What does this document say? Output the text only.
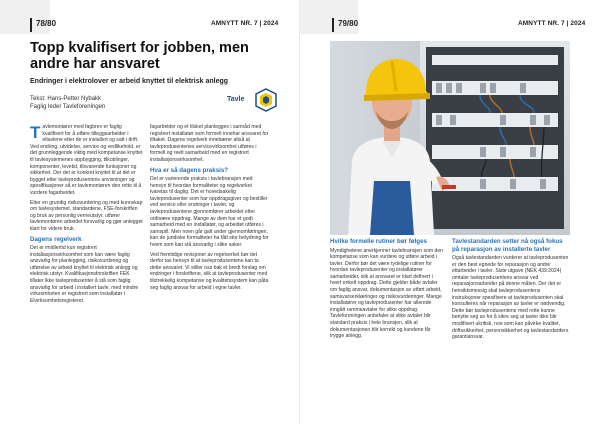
78/80	AMNYTT NR. 7 | 2024
Topp kvalifisert for jobben, men andre har ansvaret
Endringer i elektrolover er arbeid knyttet til elektrisk anlegg
Tekst: Hans-Petter Nybakk
Faglig leder Tavleforeningen
Tavle

Tavlemontører med fagbrev er faglig kvalifisert for å utføre tilleggsarbeider i eltavlene etter de er installert og satt i drift. Ved endring, utvidelse, service og vedlikehold, er det grunnleggende viktig med kompetanse knyttet til tavlesystemenes oppbygging, tilkoblinger, komponenter, levetid, tilsvarende funksjoner og sikkerhet. Der det er konkret knyttet til at det er bygget etter tavleprodusentens anvisninger og spesifikasjoner så er tavlemontøren den rette til å vurdere fagarbeidet.

Etter en grundig risikovurdering og med kunnskap om tavlesystemet, standardene, FSE-forskriften og bruk av personlig verneutstyr, utfører tavlemontøren arbeidet forsvarlig og gjør anlegget klart for videre bruk.

Dagens regelverk

Det er imidlertid kun registrert installasjonsvirksomhet som kan være faglig ansvarlig for planlegging, risikovurdering og utførelse av arbeid knyttet til elektrisk anlegg og elektrisk utstyr. Kvalifikasjonsforskriften FEK tillater ikke tavleprodusenter å stå som faglig ansvarlig for arbeid i installert tavle, med mindre virksomheten er registrert som installatør i Elvirksomhetsregisteret.

fagarbeider og et tilsket planlegges i samråd med registrert installatør som formelt innehar ansvaret for tiltaket. Dagens regelverk innebærer altså at tavleprodusentenes servicevirksomhet utføres i formell og reelt samarbeid med en registrert installasjonsvirksomhet.

Hva er så dagens praksis?

Det er varierende praksis i tavlebransjen med hensyn til hvordan formaliteter og regelverket ivaretas til daglig. Det er hovedsakelig tavleprodusenter som har oppdragsgiver og bestiller ved service eller endringer i tavler, og tavleprodusentene gjennomfører arbeidet etter ordinære oppdrag. Mange av dem har et godt samarbeid med en installatør, og arbeidet utføres i samspill. Men noen går galt under gjennomføringen, kan de juridiske formaliteter ha fått stor betydning for hvem som kan stå ansvarlig i slike saker.

Ved fremtidige revisjoner av regelverket bør det derfor tas hensyn til at tavleprodusentene kan ta dette ansvaret. Vi stiller oss bak et bredt forslag om endringer i forskriftene, slik at tavleprodusenter med tilstrekkelig kompetanse og kvalitetssystem kan påta seg faglig ansvar for arbeid i egne tavler.

79/80	AMNYTT NR. 7 | 2024
Hvilke formelle rutiner bør følges

Myndighetene anerkjenner tavlebransjen som den kompetanse som kan vurdere og utføre arbeid i tavler. Derfor bør det være tydelige rutiner for hvordan tavleprodusenter og installatører samarbeider, slik at ansvaret er klart definert i hvert enkelt oppdrag. Dette gjelder både avtaler om faglig ansvar, dokumentasjon av utført arbeid, samsvarserklæringer og risikovurderinger. Mange installatører og tavleprodusenter har allerede inngått rammeavtaler for slike oppdrag. Tavleforeningen anbefaler at slike avtaler blir standard praksis i hele bransjen, slik at dokumentasjonen blir korrekt og kundene får trygge anlegg.

Tavlestandarden setter nå også fokus på reparasjon av installerte tavler

Også tavlestandarden vurderer at tavleprodusenten er den best egnede for reparasjon og andre ettarbeider i tavler. Siste utgave (NEK 439:2024) omtaler tavleprodusentens ansvar ved reparasjonsarbeider på denne måten. Der det er hensiktsmessig skal tavleprodusentens instruksjoner spesifisere at tavleprodusenten skal konsulteres når reparasjon av tavler er nødvendig. Dette bør tavleprodusentene med rette kunne benytte seg av for å sikre seg at tavler ikke blir modifisert ukritisk, noe som kan påvirke kvalitet, driftssikkerhet, personsikkerhet og tavlestandarders garantiansvar.
